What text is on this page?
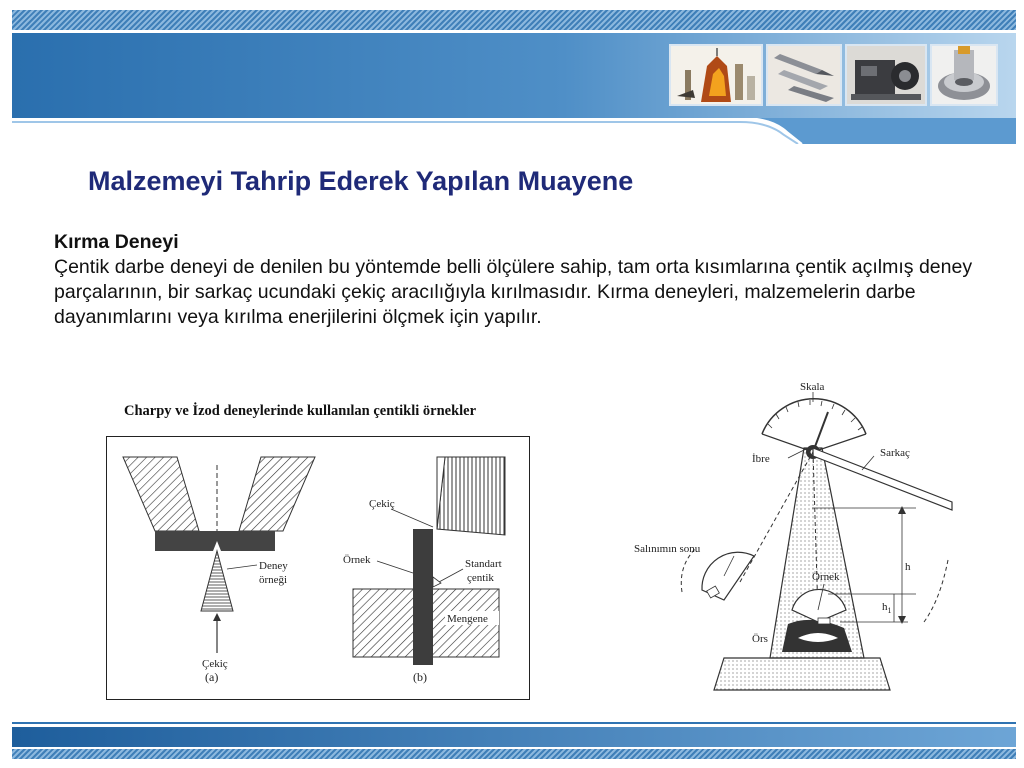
Malzemeyi Tahrip Ederek Yapılan Muayene
Kırma Deneyi
Çentik darbe deneyi de denilen bu yöntemde belli ölçülere sahip, tam orta kısımlarına çentik açılmış deney parçalarının, bir sarkaç ucundaki çekiç aracılığıyla kırılmasıdır. Kırma deneyleri, malzemelerin darbe dayanımlarını veya kırılma enerjilerini ölçmek için yapılır.
Charpy ve İzod deneylerinde kullanılan çentikli örnekler
Deney
örneği
Çekiç
(a)
Çekiç
Örnek	Standart
çentik
Mengene
(b)
Skala
İbre	Sarkaç
Salınımın sonu
Örnek
Örs
h
$h_1$
